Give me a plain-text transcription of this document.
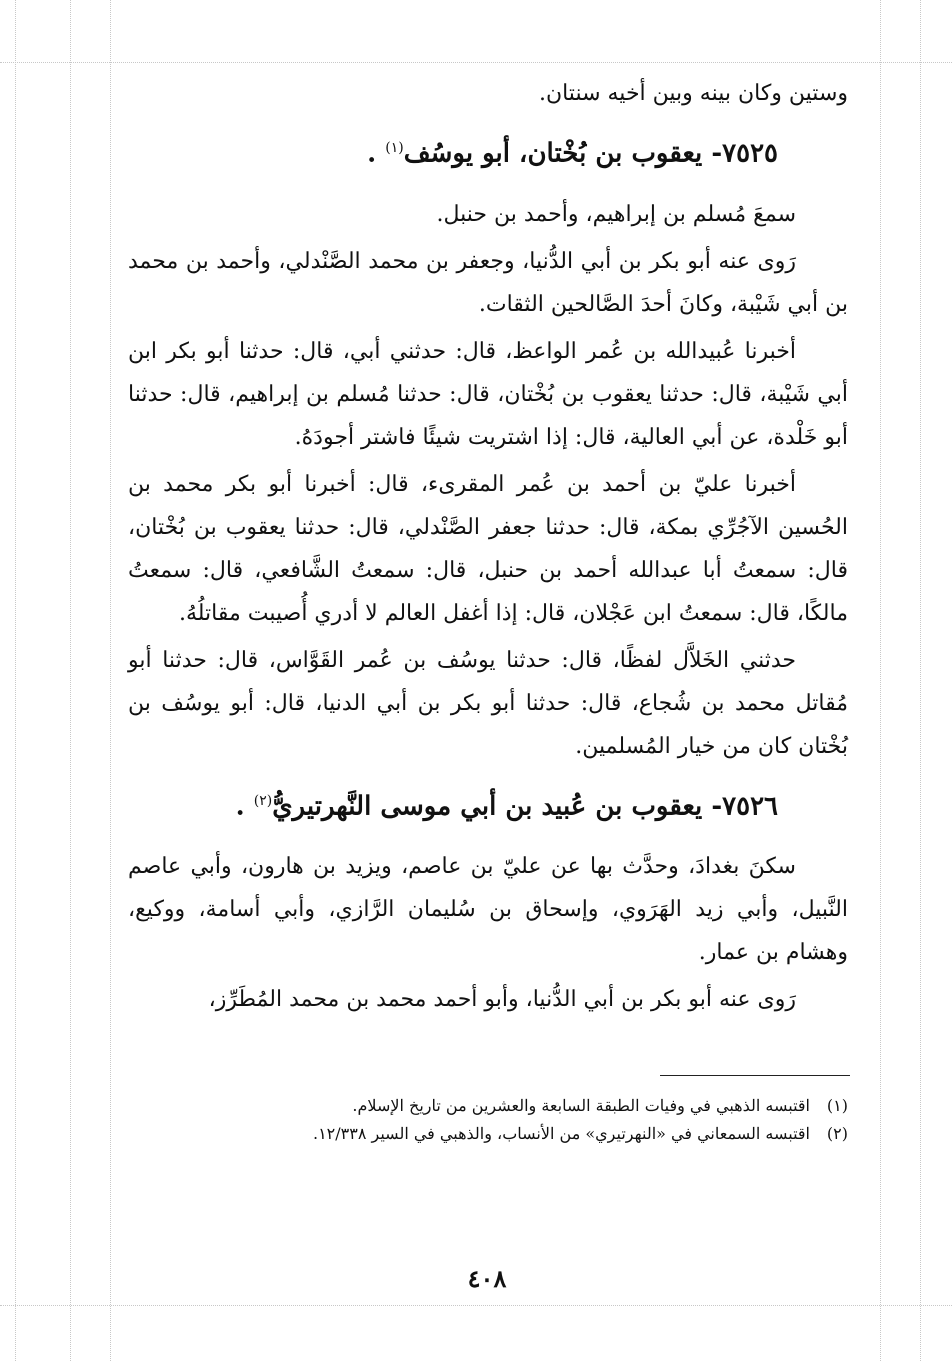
وستين وكان بينه وبين أخيه سنتان.

٧٥٢٥- يعقوب بن بُخْتان، أبو يوسُف$^{(١)}$ .

سمعَ مُسلم بن إبراهيم، وأحمد بن حنبل.

رَوى عنه أبو بكر بن أبي الدُّنيا، وجعفر بن محمد الصَّنْدلي، وأحمد بن محمد بن أبي شَيْبة، وكانَ أحدَ الصَّالحين الثقات.

أخبرنا عُبيدالله بن عُمر الواعظ، قال: حدثني أبي، قال: حدثنا أبو بكر ابن أبي شَيْبة، قال: حدثنا يعقوب بن بُخْتان، قال: حدثنا مُسلم بن إبراهيم، قال: حدثنا أبو خَلْدة، عن أبي العالية، قال: إذا اشتريت شيئًا فاشتر أجودَهُ.

أخبرنا عليّ بن أحمد بن عُمر المقرىء، قال: أخبرنا أبو بكر محمد بن الحُسين الآجُرِّي بمكة، قال: حدثنا جعفر الصَّنْدلي، قال: حدثنا يعقوب بن بُخْتان، قال: سمعتُ أبا عبدالله أحمد بن حنبل، قال: سمعتُ الشَّافعي، قال: سمعتُ مالكًا، قال: سمعتُ ابن عَجْلان، قال: إذا أغفل العالم لا أدري أُصيبت مقاتلُهُ.

حدثني الخَلاَّل لفظًا، قال: حدثنا يوسُف بن عُمر القَوَّاس، قال: حدثنا أبو مُقاتل محمد بن شُجاع، قال: حدثنا أبو بكر بن أبي الدنيا، قال: أبو يوسُف بن بُخْتان كان من خيار المُسلمين.

٧٥٢٦- يعقوب بن عُبيد بن أبي موسى النَّهرتيريُّ$^{(٢)}$ .

سكنَ بغدادَ، وحدَّث بها عن عليّ بن عاصم، ويزيد بن هارون، وأبي عاصم النَّبيل، وأبي زيد الهَرَوي، وإسحاق بن سُليمان الرَّازي، وأبي أسامة، ووكيع، وهشام بن عمار.

رَوى عنه أبو بكر بن أبي الدُّنيا، وأبو أحمد محمد بن محمد المُطَرِّز،

(١)اقتبسه الذهبي في وفيات الطبقة السابعة والعشرين من تاريخ الإسلام.
(٢)اقتبسه السمعاني في «النهرتيري» من الأنساب، والذهبي في السير ١٢/٣٣٨.
٤٠٨
